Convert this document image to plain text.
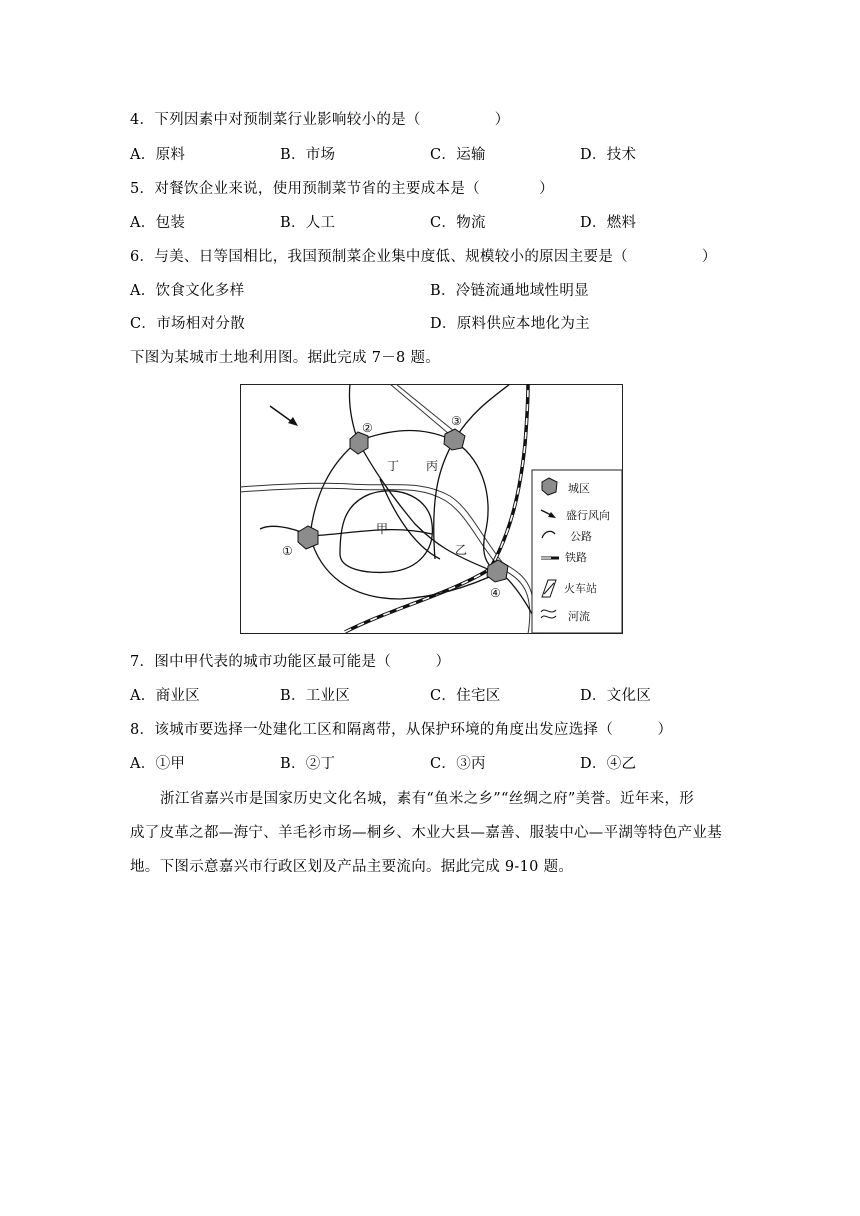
4．下列因素中对预制菜行业影响较小的是（　　　　　）
A．原料	B．市场	C．运输	D．技术
5．对餐饮企业来说，使用预制菜节省的主要成本是（　　　　）
A．包装	B．人工	C．物流	D．燃料
6．与美、日等国相比，我国预制菜企业集中度低、规模较小的原因主要是（　　　　　）
A．饮食文化多样	B．冷链流通地域性明显
C．市场相对分散	D．原料供应本地化为主
下图为某城市土地利用图。据此完成 7－8 题。
②	③
①
④
丁 丙
甲
乙
城区
盛行风向
公路
铁路
火车站
河流
7．图中甲代表的城市功能区最可能是（　　　）
A．商业区	B．工业区	C．住宅区	D．文化区
8．该城市要选择一处建化工区和隔离带，从保护环境的角度出发应选择（　　　）
A．①甲	B．②丁	C．③丙	D．④乙
浙江省嘉兴市是国家历史文化名城，素有“鱼米之乡”“丝绸之府”美誉。近年来，形
成了皮革之都—海宁、羊毛衫市场—桐乡、木业大县—嘉善、服装中心—平湖等特色产业基
地。下图示意嘉兴市行政区划及产品主要流向。据此完成 9-10 题。
